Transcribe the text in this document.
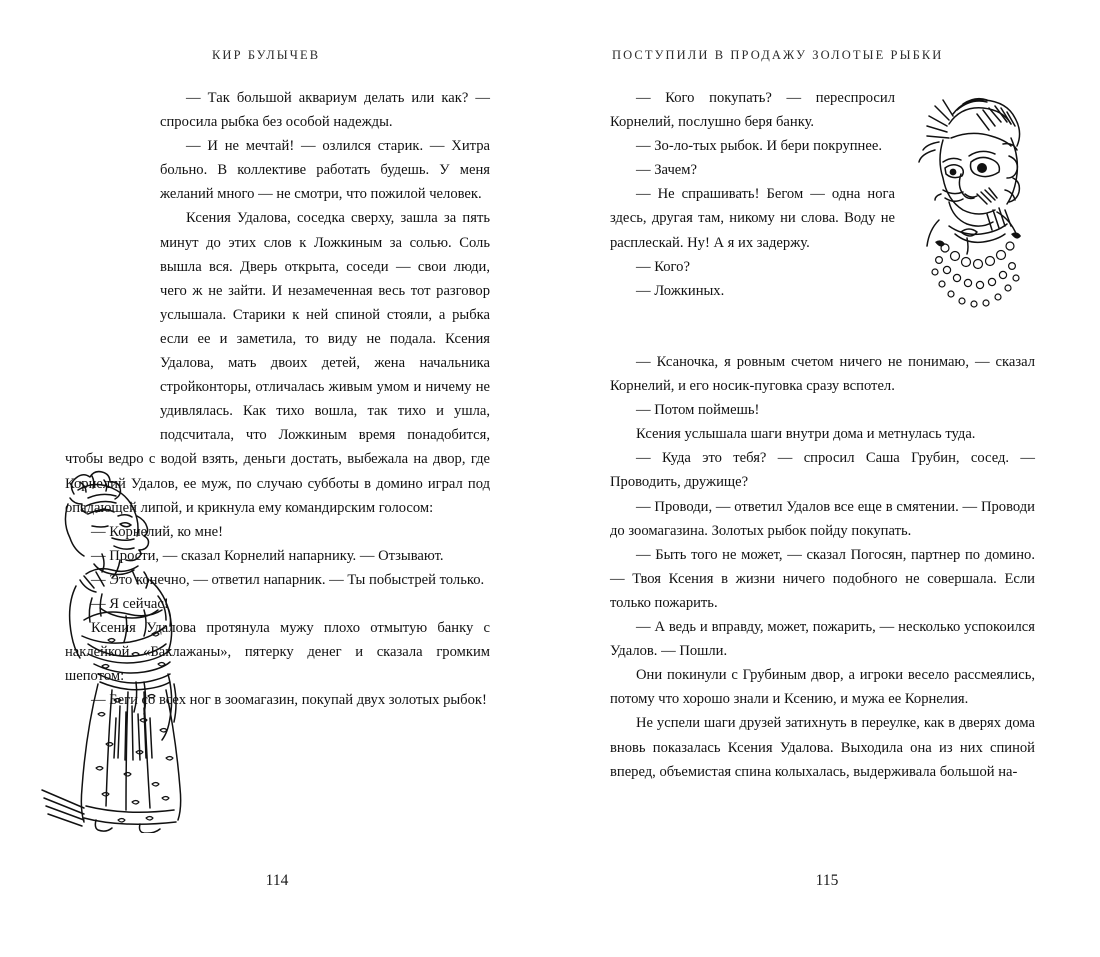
КИР БУЛЫЧЕВ

— Так большой аквариум делать или как? — спросила рыбка без особой надежды.

— И не мечтай! — озлился старик. — Хитра больно. В коллективе работать будешь. У меня желаний много — не смотри, что пожилой человек.

Ксения Удалова, соседка сверху, зашла за пять минут до этих слов к Ложкиным за солью. Соль вышла вся. Дверь открыта, соседи — свои люди, чего ж не зайти. И незамеченная весь тот разговор услышала. Старики к ней спиной стояли, а рыбка если ее и заметила, то виду не подала. Ксения Удалова, мать двоих детей, жена начальника стройконторы, отличалась живым умом и ничему не удивлялась. Как тихо вошла, так тихо и ушла, подсчитала, что Ложкиным время понадобится, чтобы ведро с водой взять, деньги достать, выбежала на двор, где Корнелий Удалов, ее муж, по случаю субботы в домино играл под опадающей липой, и крикнула ему командирским голосом:

— Корнелий, ко мне!

— Прости, — сказал Корнелий напарнику. — Отзывают.

— Это конечно, — ответил напарник. — Ты побыстрей только.

— Я сейчас!

Ксения Удалова протянула мужу плохо отмытую банку с наклейкой «Баклажаны», пятерку денег и сказала громким шепотом:

— Беги со всех ног в зоомагазин, покупай двух золотых рыбок!

114
ПОСТУПИЛИ В ПРОДАЖУ ЗОЛОТЫЕ РЫБКИ

— Кого покупать? — переспросил Корнелий, послушно беря банку.

— Зо-ло-тых рыбок. И бери покрупнее.

— Зачем?

— Не спрашивать! Бегом — одна нога здесь, другая там, никому ни слова. Воду не расплескай. Ну! А я их задержу.

— Кого?

— Ложкиных.

— Ксаночка, я ровным счетом ничего не понимаю, — сказал Корнелий, и его носик-пуговка сразу вспотел.

— Потом поймешь!

Ксения услышала шаги внутри дома и метнулась туда.

— Куда это тебя? — спросил Саша Грубин, сосед. — Проводить, дружище?

— Проводи, — ответил Удалов все еще в смятении. — Проводи до зоомагазина. Золотых рыбок пойду покупать.

— Быть того не может, — сказал Погосян, партнер по домино. — Твоя Ксения в жизни ничего подобного не совершала. Если только пожарить.

— А ведь и вправду, может, пожарить, — несколько успокоился Удалов. — Пошли.

Они покинули с Грубиным двор, а игроки весело рассмеялись, потому что хорошо знали и Ксению, и мужа ее Корнелия.

Не успели шаги друзей затихнуть в переулке, как в дверях дома вновь показалась Ксения Удалова. Выходила она из них спиной вперед, объемистая спина колыхалась, выдерживала большой на-

115
